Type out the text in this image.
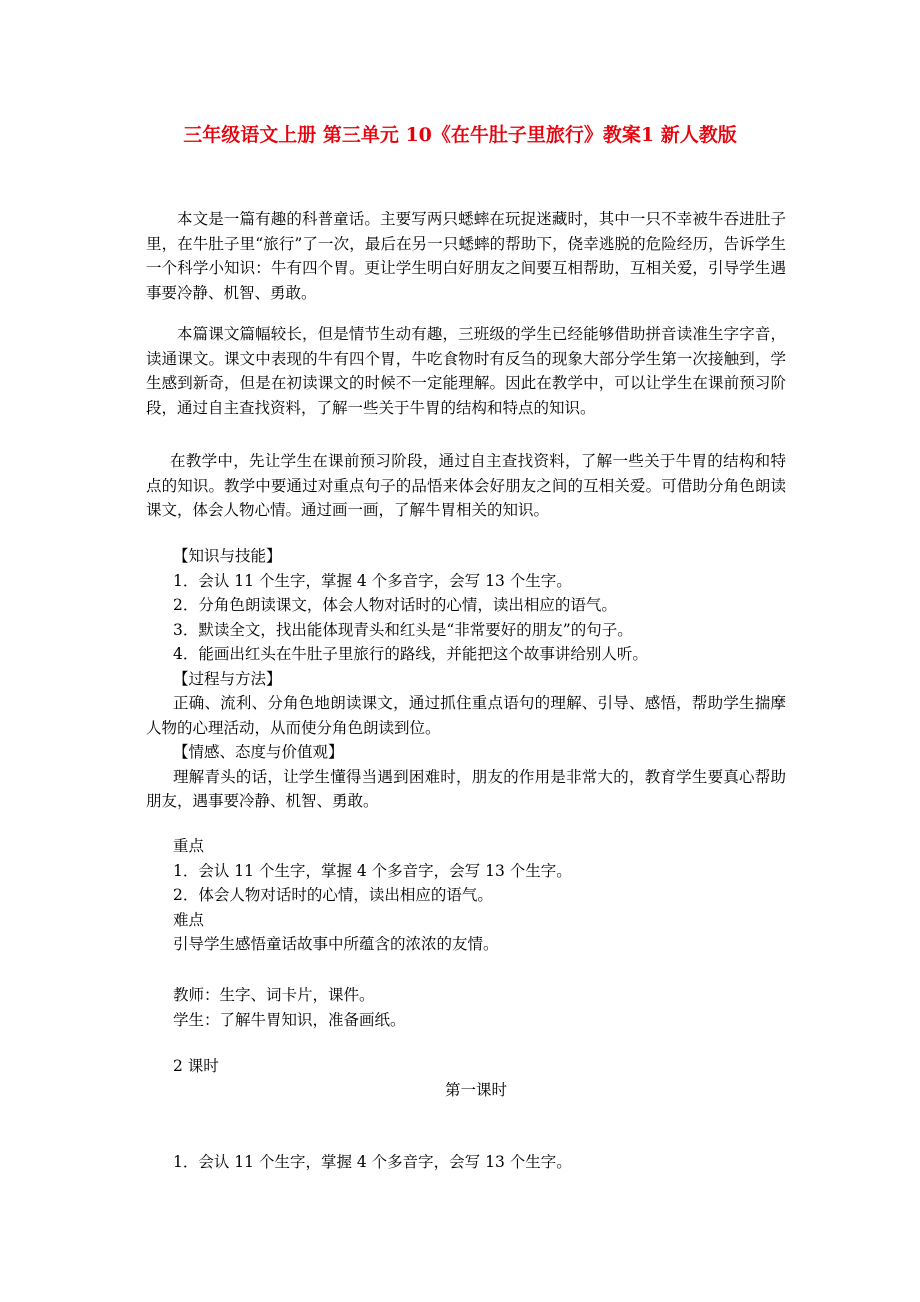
三年级语文上册 第三单元 10《在牛肚子里旅行》教案1 新人教版

本文是一篇有趣的科普童话。主要写两只蟋蟀在玩捉迷藏时，其中一只不幸被牛吞进肚子里，在牛肚子里“旅行”了一次，最后在另一只蟋蟀的帮助下，侥幸逃脱的危险经历，告诉学生一个科学小知识：牛有四个胃。更让学生明白好朋友之间要互相帮助，互相关爱，引导学生遇事要冷静、机智、勇敢。

本篇课文篇幅较长，但是情节生动有趣，三班级的学生已经能够借助拼音读准生字字音，读通课文。课文中表现的牛有四个胃，牛吃食物时有反刍的现象大部分学生第一次接触到，学生感到新奇，但是在初读课文的时候不一定能理解。因此在教学中，可以让学生在课前预习阶段，通过自主查找资料，了解一些关于牛胃的结构和特点的知识。

在教学中，先让学生在课前预习阶段，通过自主查找资料，了解一些关于牛胃的结构和特点的知识。教学中要通过对重点句子的品悟来体会好朋友之间的互相关爱。可借助分角色朗读课文，体会人物心情。通过画一画，了解牛胃相关的知识。

【知识与技能】

1．会认 11 个生字，掌握 4 个多音字，会写 13 个生字。

2．分角色朗读课文，体会人物对话时的心情，读出相应的语气。

3．默读全文，找出能体现青头和红头是“非常要好的朋友”的句子。

4．能画出红头在牛肚子里旅行的路线，并能把这个故事讲给别人听。

【过程与方法】

正确、流利、分角色地朗读课文，通过抓住重点语句的理解、引导、感悟，帮助学生揣摩人物的心理活动，从而使分角色朗读到位。

【情感、态度与价值观】

理解青头的话，让学生懂得当遇到困难时，朋友的作用是非常大的，教育学生要真心帮助朋友，遇事要冷静、机智、勇敢。

重点

1．会认 11 个生字，掌握 4 个多音字，会写 13 个生字。

2．体会人物对话时的心情，读出相应的语气。

难点

引导学生感悟童话故事中所蕴含的浓浓的友情。

教师：生字、词卡片，课件。

学生：了解牛胃知识，准备画纸。

2 课时

第一课时

1．会认 11 个生字，掌握 4 个多音字，会写 13 个生字。
